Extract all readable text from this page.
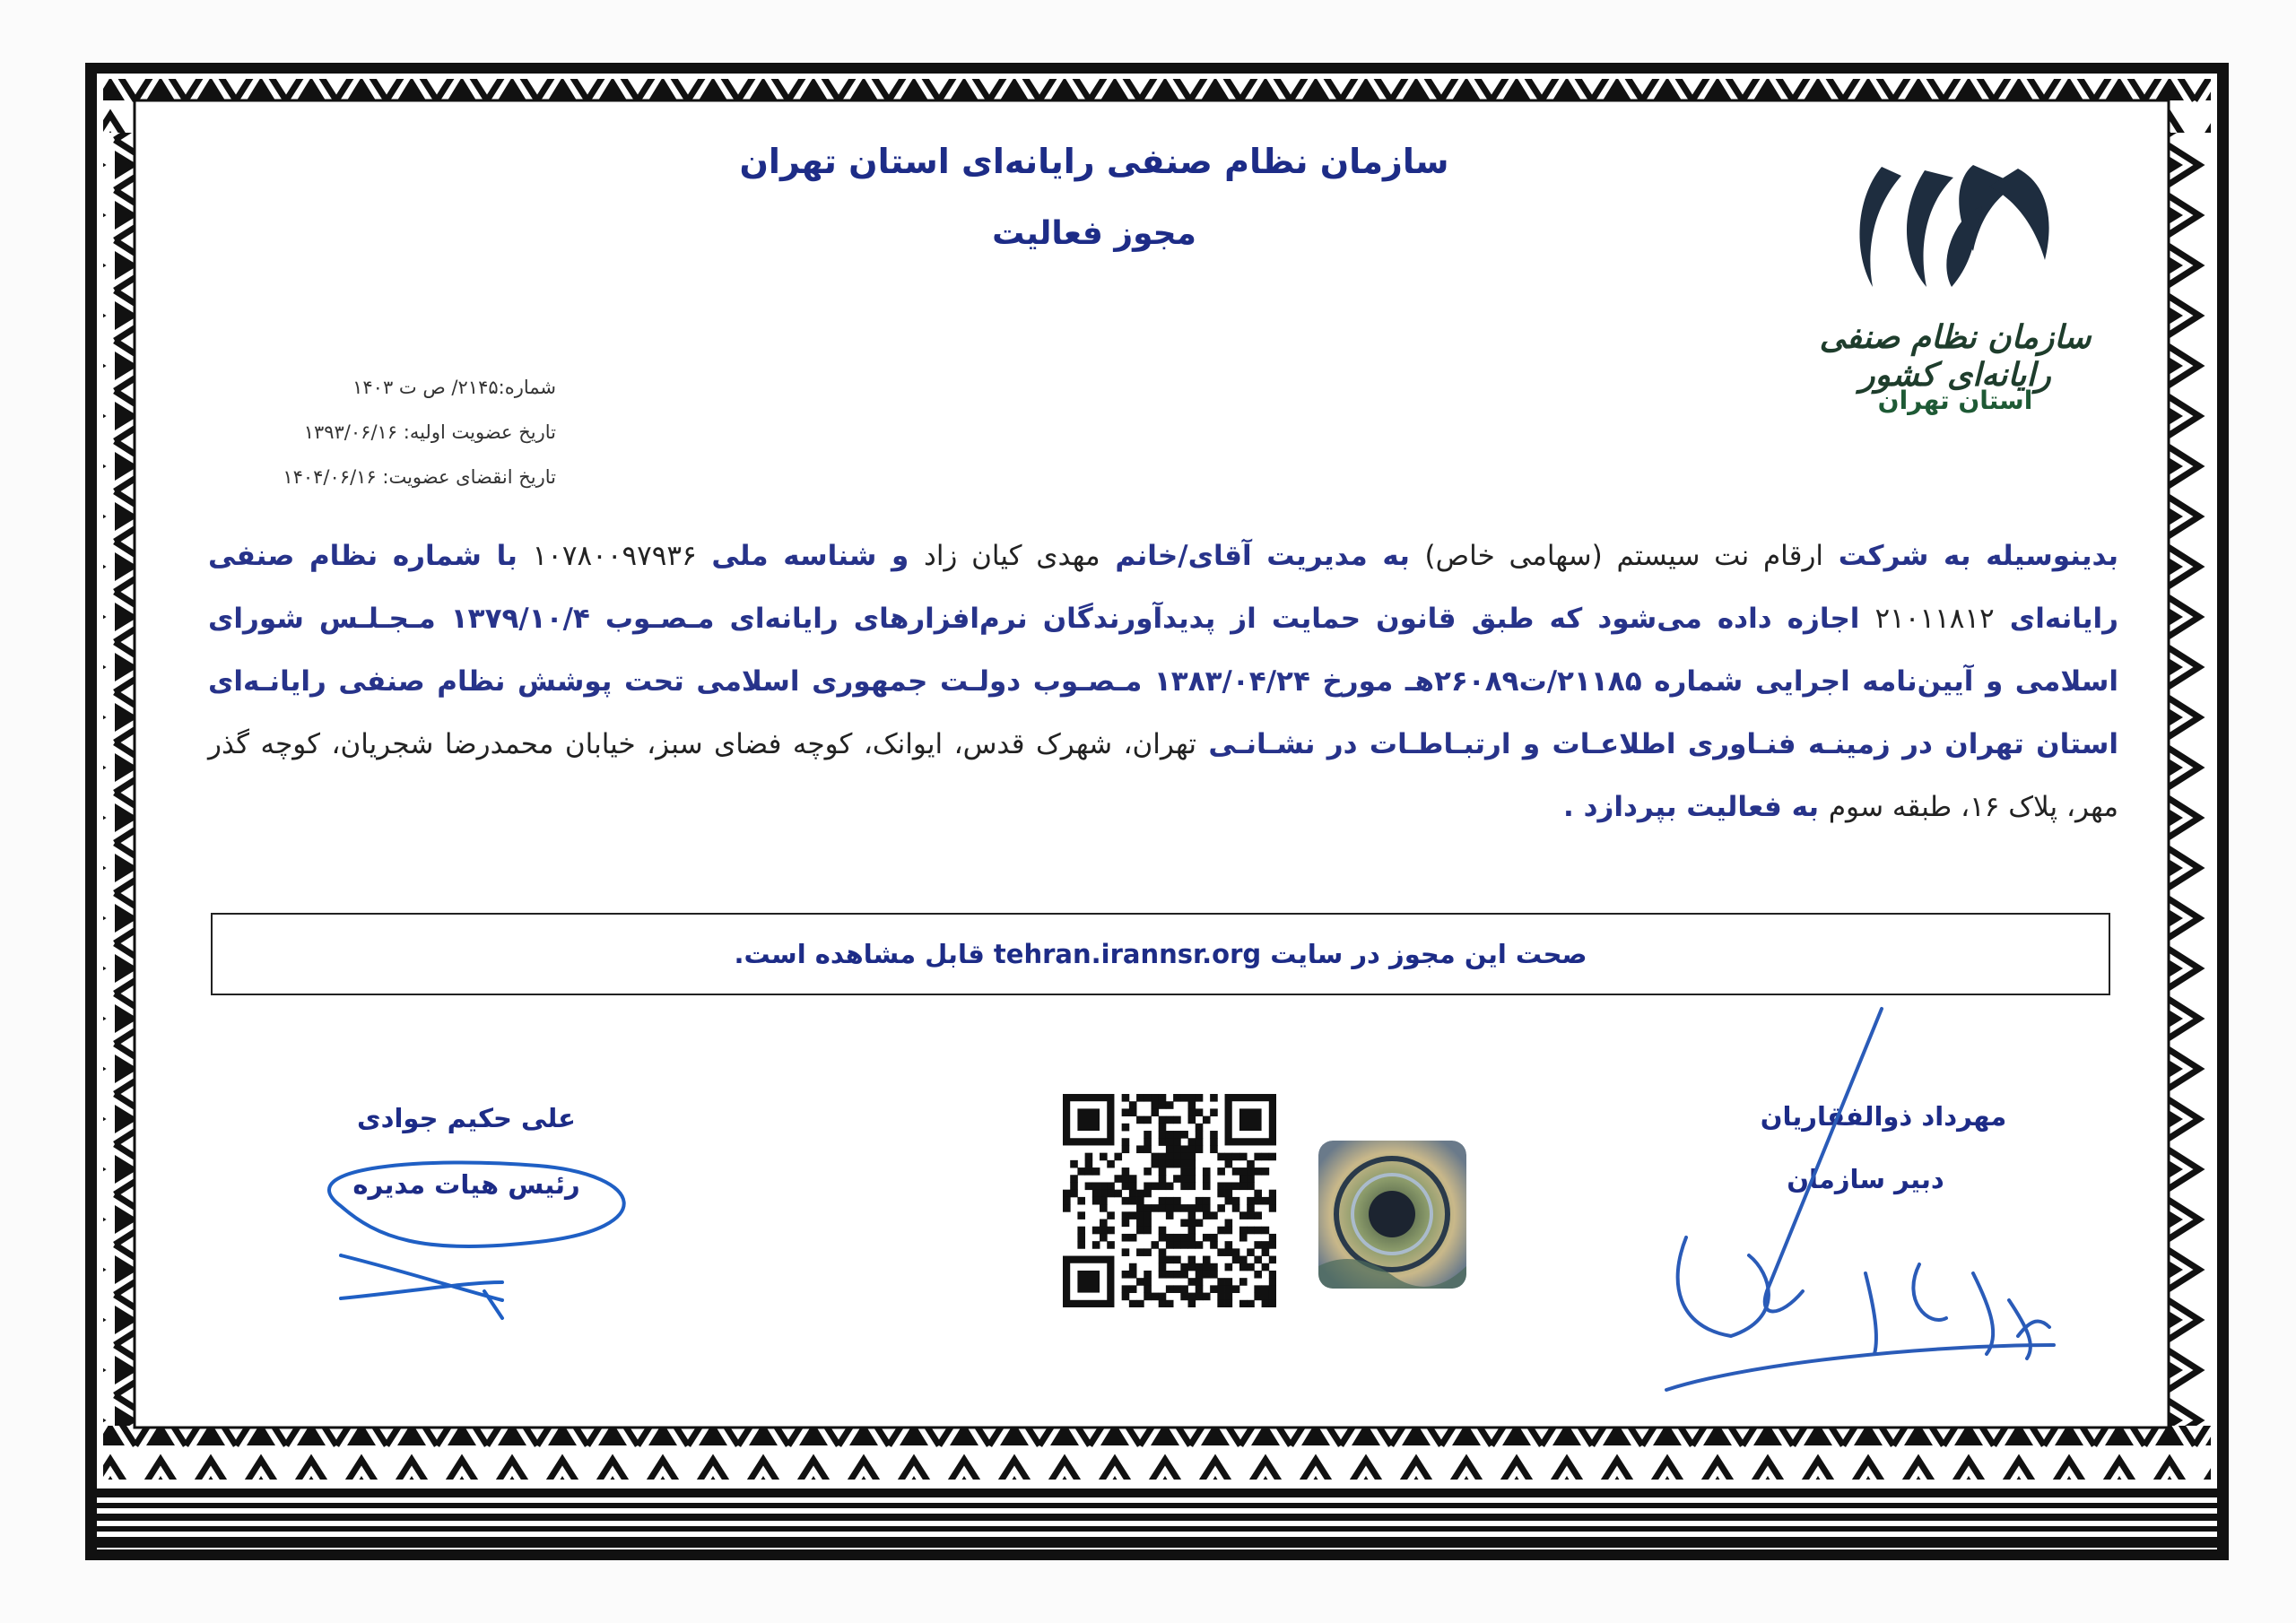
سازمان نظام صنفی رایانه‌ای استان تهران
مجوز فعالیت
سازمان نظام صنفی رایانه‌ای کشور
استان تهران
شماره:۲۱۴۵/ ص ت ۱۴۰۳
تاریخ عضویت اولیه: ۱۳۹۳/۰۶/۱۶
تاریخ انقضای عضویت: ۱۴۰۴/۰۶/۱۶
بدینوسیله به شرکت ارقام نت سیستم (سهامی خاص) به مدیریت آقای/خانم مهدی کیان زاد و شناسه ملی ۱۰۷۸۰۰۹۷۹۳۶ با شماره نظام صنفی رایانه‌ای ۲۱۰۱۱۸۱۲ اجازه داده می‌شود که طبق قانون حمایت از پدیدآورندگان نرم‌افزارهای رایانه‌ای مـصـوب ۱۳۷۹/۱۰/۴ مـجـلـس شورای اسلامی و آیین‌نامه اجرایی شماره ۲۱۱۸۵/ت۲۶۰۸۹هـ مورخ ۱۳۸۳/۰۴/۲۴ مـصـوب دولـت جمهوری اسلامی تحت پوشش نظام صنفی رایانـه‌ای استان تهران در زمینـه فنـاوری اطلاعـات و ارتبـاطـات در نشـانـی تهران، شهرک قدس، ایوانک، کوچه فضای سبز، خیابان محمدرضا شجریان، کوچه گذر مهر، پلاک ۱۶، طبقه سوم به فعالیت بپردازد .
صحت این مجوز در سایت tehran.irannsr.org قابل مشاهده است.
مهرداد ذوالفقاریان
دبیر سازمان
علی حکیم جوادی
رئیس هیات مدیره
